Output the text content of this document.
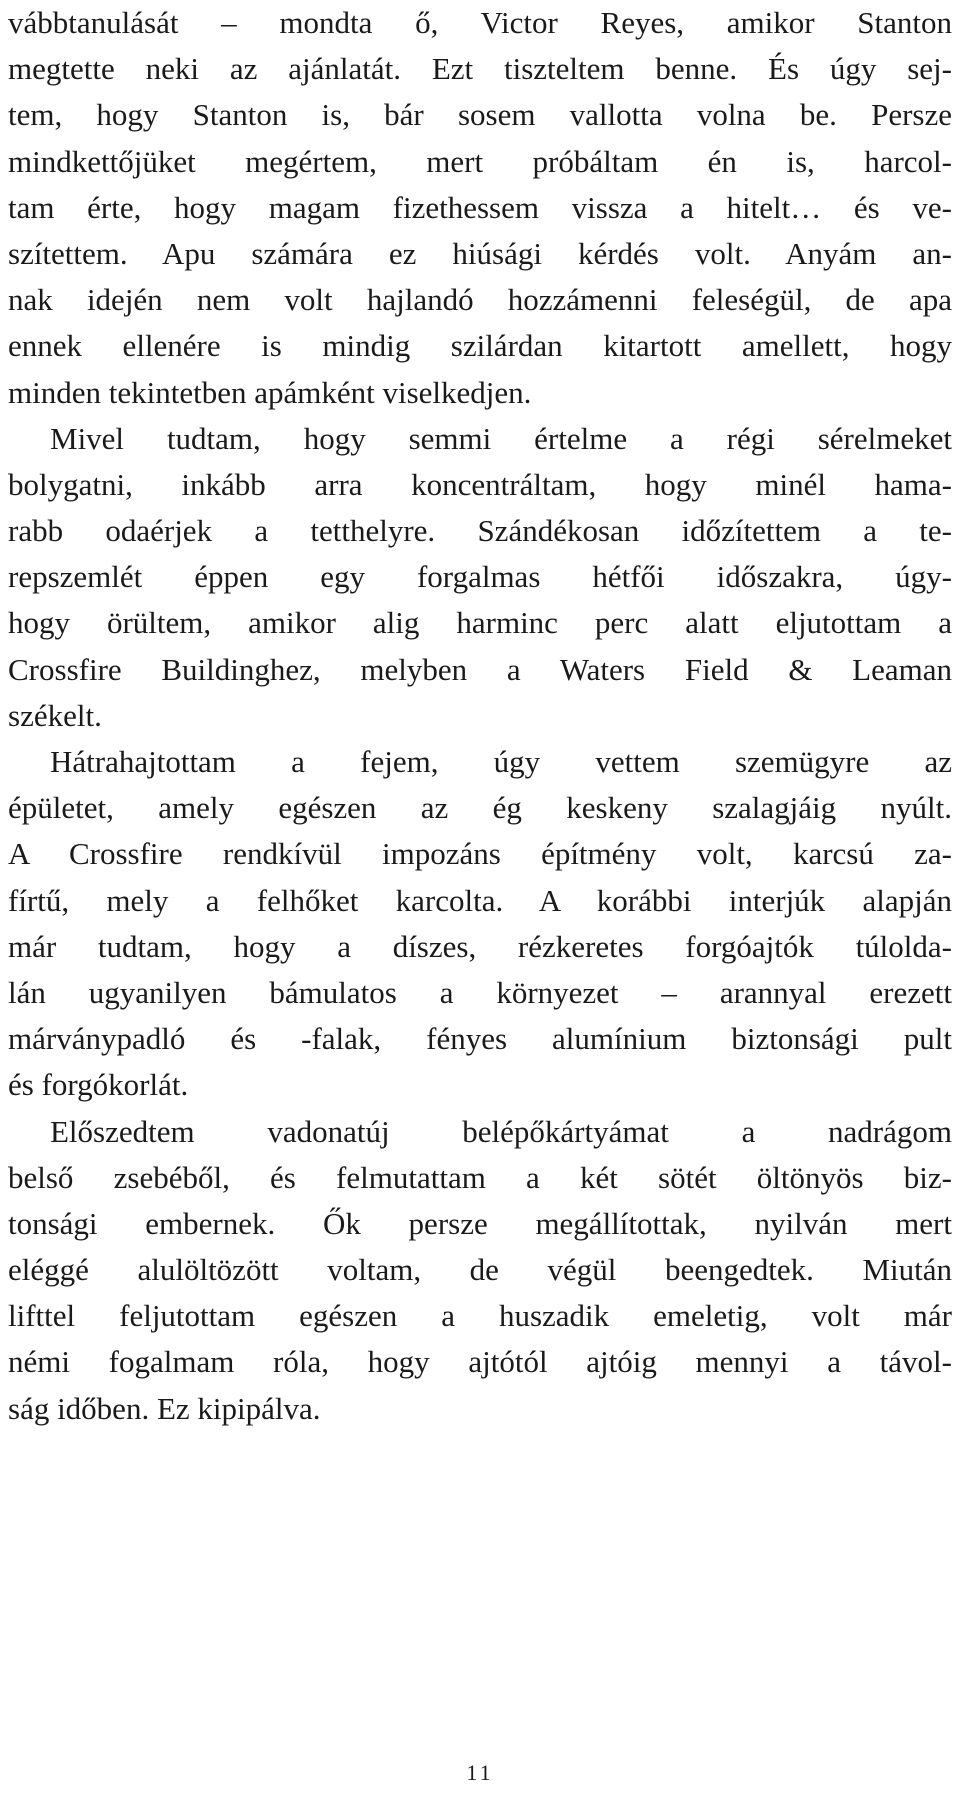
vábbtanulását – mondta ő, Victor Reyes, amikor Stanton
megtette neki az ajánlatát. Ezt tiszteltem benne. És úgy sej-
tem, hogy Stanton is, bár sosem vallotta volna be. Persze
mindkettőjüket megértem, mert próbáltam én is, harcol-
tam érte, hogy magam fizethessem vissza a hitelt… és ve-
szítettem. Apu számára ez hiúsági kérdés volt. Anyám an-
nak idején nem volt hajlandó hozzámenni feleségül, de apa
ennek ellenére is mindig szilárdan kitartott amellett, hogy
minden tekintetben apámként viselkedjen.
Mivel tudtam, hogy semmi értelme a régi sérelmeket
bolygatni, inkább arra koncentráltam, hogy minél hama-
rabb odaérjek a tetthelyre. Szándékosan időzítettem a te-
repszemlét éppen egy forgalmas hétfői időszakra, úgy-
hogy örültem, amikor alig harminc perc alatt eljutottam a
Crossfire Buildinghez, melyben a Waters Field & Leaman
székelt.
Hátrahajtottam a fejem, úgy vettem szemügyre az
épületet, amely egészen az ég keskeny szalagjáig nyúlt.
A Crossfire rendkívül impozáns építmény volt, karcsú za-
fírtű, mely a felhőket karcolta. A korábbi interjúk alapján
már tudtam, hogy a díszes, rézkeretes forgóajtók túlolda-
lán ugyanilyen bámulatos a környezet – arannyal erezett
márványpadló és -falak, fényes alumínium biztonsági pult
és forgókorlát.
Előszedtem vadonatúj belépőkártyámat a nadrágom
belső zsebéből, és felmutattam a két sötét öltönyös biz-
tonsági embernek. Ők persze megállítottak, nyilván mert
eléggé alulöltözött voltam, de végül beengedtek. Miután
lifttel feljutottam egészen a huszadik emeletig, volt már
némi fogalmam róla, hogy ajtótól ajtóig mennyi a távol-
ság időben. Ez kipipálva.
11
